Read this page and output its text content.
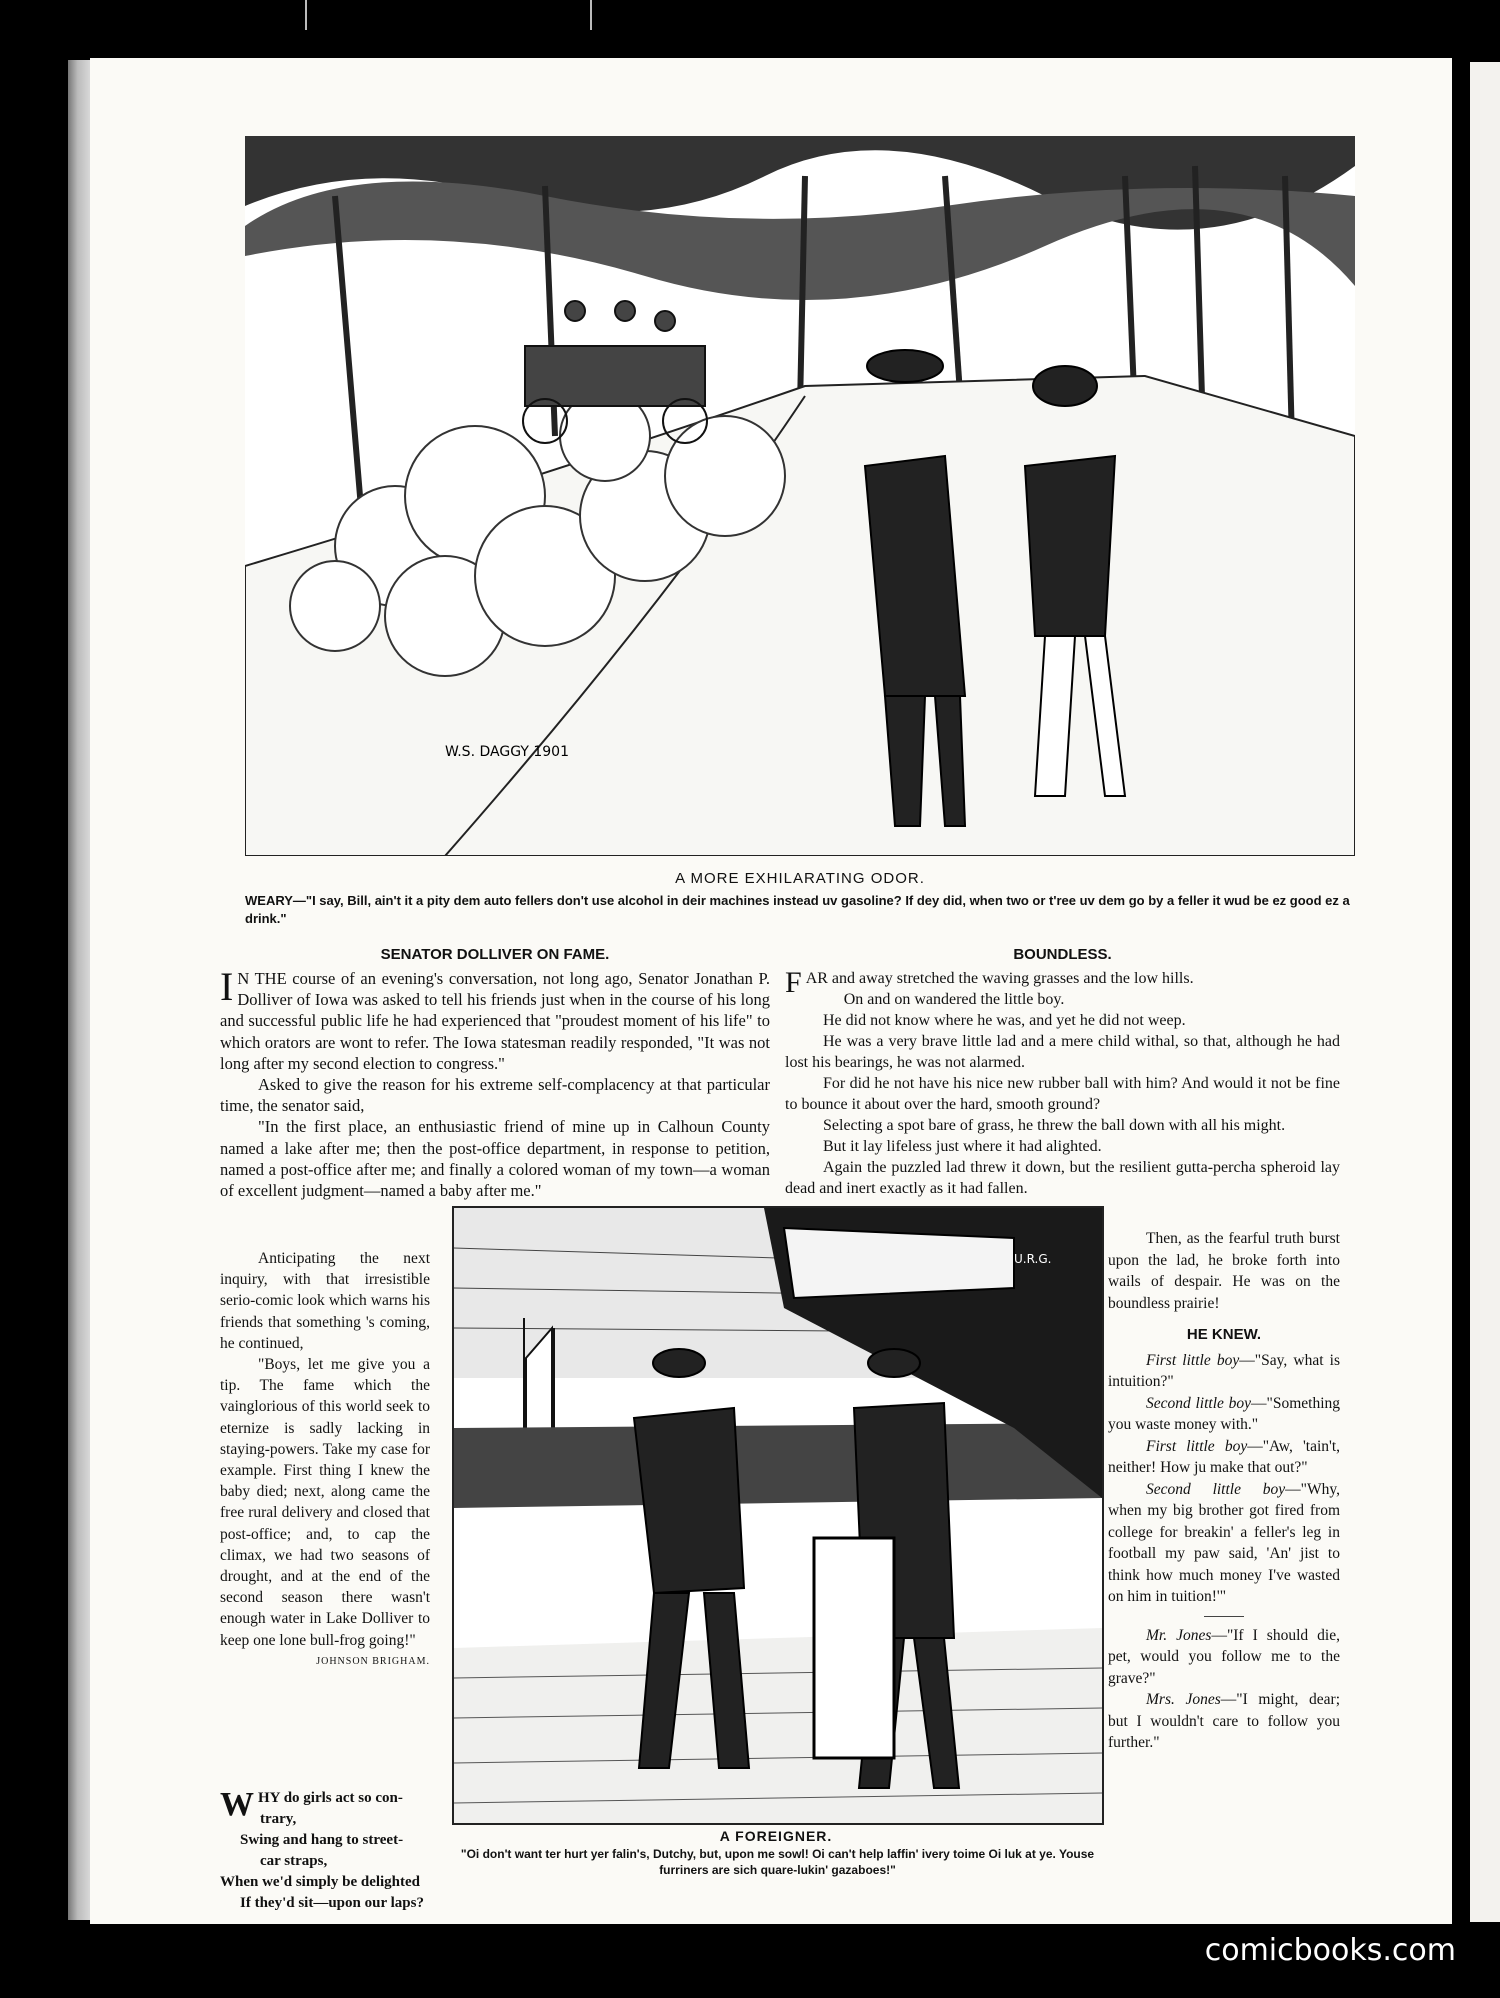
W.S. DAGGY 1901
A MORE EXHILARATING ODOR.
WEARY—"I say, Bill, ain't it a pity dem auto fellers don't use alcohol in deir machines instead uv gasoline? If dey did, when two or t'ree uv dem go by a feller it wud be ez good ez a drink."
SENATOR DOLLIVER ON FAME.

I N THE course of an evening's conversation, not long ago, Senator Jonathan P. Dolliver of Iowa was asked to tell his friends just when in the course of his long and successful public life he had experienced that "proudest moment of his life" to which orators are wont to refer. The Iowa statesman readily responded, "It was not long after my second election to congress."

Asked to give the reason for his extreme self-complacency at that particular time, the senator said,

"In the first place, an enthusiastic friend of mine up in Calhoun County named a lake after me; then the post-office department, in response to petition, named a post-office after me; and finally a colored woman of my town—a woman of excellent judgment—named a baby after me."

Anticipating the next inquiry, with that irresistible serio-comic look which warns his friends that something 's coming, he continued,

"Boys, let me give you a tip. The fame which the vainglorious of this world seek to eternize is sadly lacking in staying-powers. Take my case for example. First thing I knew the baby died; next, along came the free rural delivery and closed that post-office; and, to cap the climax, we had two seasons of drought, and at the end of the second season there wasn't enough water in Lake Dolliver to keep one lone bull-frog going!"

JOHNSON BRIGHAM.
WHY do girls act so con-
trary,
Swing and hang to street-
car straps,
When we'd simply be delighted
If they'd sit—upon our laps?
BOUNDLESS.

FAR and away stretched the waving grasses and the low hills.

On and on wandered the little boy.

He did not know where he was, and yet he did not weep.

He was a very brave little lad and a mere child withal, so that, although he had lost his bearings, he was not alarmed.

For did he not have his nice new rubber ball with him? And would it not be fine to bounce it about over the hard, smooth ground?

Selecting a spot bare of grass, he threw the ball down with all his might.

But it lay lifeless just where it had alighted.

Again the puzzled lad threw it down, but the resilient gutta-percha spheroid lay dead and inert exactly as it had fallen.

Then, as the fearful truth burst upon the lad, he broke forth into wails of despair. He was on the boundless prairie!

HE KNEW.

First little boy—"Say, what is intuition?"

Second little boy—"Something you waste money with."

First little boy—"Aw, 'tain't, neither! How ju make that out?"

Second little boy—"Why, when my big brother got fired from college for breakin' a feller's leg in football my paw said, 'An' jist to think how much money I've wasted on him in tuition!'"

Mr. Jones—"If I should die, pet, would you follow me to the grave?"

Mrs. Jones—"I might, dear; but I wouldn't care to follow you further."

U.R.G.
A FOREIGNER.
"Oi don't want ter hurt yer falin's, Dutchy, but, upon me sowl! Oi can't help laffin' ivery toime Oi luk at ye. Youse furriners are sich quare-lukin' gazaboes!"
comicbooks.com
